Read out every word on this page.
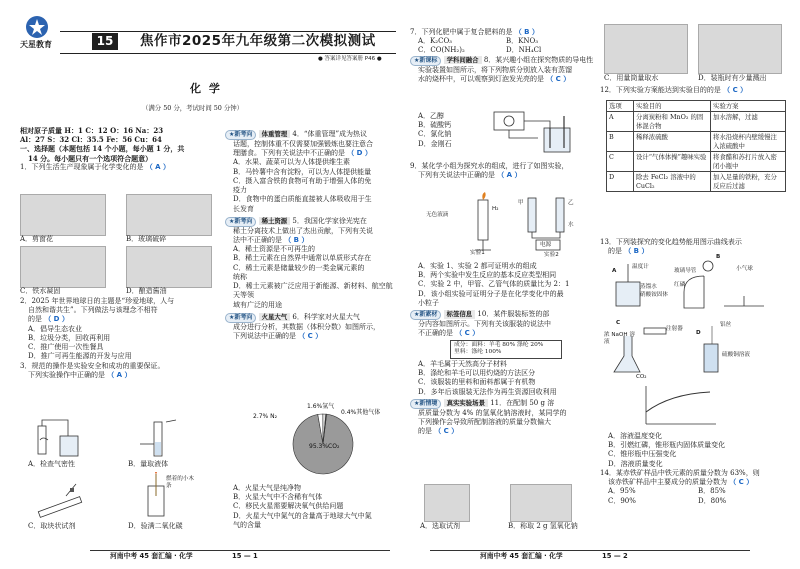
天星教育	15	焦作市2025年九年级第二次模拟测试
● 答案详见答案册 P46 ●
化 学
（满分 50 分，考试时间 50 分钟）

相对原子质量 H：1 C：12 O：16 Na：23

Al：27 S：32 Cl：35.5 Fe：56 Cu：64

一、选择题（本题包括 14 个小题，每小题 1 分，共

14 分。每小题只有一个选项符合题意）

1．下列生活生产现象属于化学变化的是 （ A ）

A．剪窗花	B．玻璃破碎
C．铁水凝固	D．酿造酱油

2．2025 年世界地球日的主题是“珍爱地球，人与

自然和谐共生”。下列做法与该理念不相符

的是 （ D ）

A．倡导生态农业

B．垃圾分类，回收再利用

C．推广使用一次性餐具

D．推广可再生能源的开发与应用

3．规范的操作是实验安全和成功的重要保证。

下列实验操作中正确的是 （ A ）

A．检查气密性	B．量取液体
燃着的小木条
C．取块状试剂	D．验满二氧化碳

★新考向 体重管理 4．“体重管理”成为热议

话题，控制体重不仅需要加强锻炼也要注意合

理膳食。下列有关说法中不正确的是 （ D ）

A．水果、蔬菜可以为人体提供维生素

B．马铃薯中含有淀粉，可以为人体提供能量

C．摄入富含铁的食物可有助于增强人体的免

疫力

D．食物中的蛋白质能直接被人体吸收用于生

长发育

★新考向 稀土资源 5．我国化学家徐光宪在

稀土分离技术上做出了杰出贡献，下列有关说

法中不正确的是 （ B ）

A．稀土资源是不可再生的

B．稀土元素在自然界中通常以单质形式存在

C．稀土元素是储量较少的一类金属元素的

统称

D．稀土元素被广泛应用于新能源、新材料、航空航天等领

域有广泛的用途

★新考向 火星大气 6．科学家对火星大气

成分进行分析，其数据（体积分数）如图所示，

下列说法中正确的是 （ C ）

95.3%CO₂
2.7% N₂
1.6%氩气
0.4%其他气体

A．火星大气是纯净物

B．火星大气中不含稀有气体

C．移民火星需要解决氧气供给问题

D．火星大气中氮气的含量高于地球大气中氮

气的含量

7．下列化肥中属于复合肥料的是 （ B ）

A．K₂CO₃	B．KNO₃
C．CO(NH₂)₂	D．NH₄Cl

★新课标 学科间融合 8．某兴趣小组在探究物质的导电性

实验装置如图所示，将下列物质分别放入装有蒸馏

水的烧杯中，可以观察到灯泡发光亮的是 （ C ）

A．乙醇

B．硫酸钙

C．氯化钠

D．金刚石

9．某化学小组为探究水的组成，进行了如图实验，

下列有关说法中正确的是 （ A ）

无色液滴
H₂
实验1
甲	乙
水
电源
实验2

A．实验 1、实验 2 都可证明水的组成

B．两个实验中发生反应的基本反应类型相同

C．实验 2 中，甲管、乙管气体的质量比为 2：1

D．该小组实验可证明分子是在化学变化中的最

小粒子

★新素材 标签信息 10．某件服装标签的部

分内容如图所示。下列有关该服装的说法中

不正确的是 （ C ）

成分：面料：羊毛 80% 涤纶 20%
里料：涤纶 100%

A．羊毛属于天然高分子材料

B．涤纶和羊毛可以用灼烧的方法区分

C．该服装的里料和面料都属于有机物

D．多年后该服装无法作为再生资源回收利用

★新情境 真实实验场景 11．在配制 50 g 溶

质质量分数为 4% 的氢氧化钠溶液时，某同学的

下列操作会导致所配制溶液的质量分数偏大

的是 （ C ）

A．选取试剂	B．称取 2 g 氢氧化钠
C．用量筒量取水	D．装瓶时有少量溅出

12．下列实验方案能达到实验目的的是 （ C ）

选项	实验目的	实验方案
A	分离炭粉和 MnO₂ 的固体混合物	加水溶解，过滤
B	稀释浓硫酸	将水沿烧杯内壁缓慢注入浓硫酸中
C	设计“气体体操”趣味实验	将食醋和苏打片放入密闭小瓶中
D	除去 FeCl₂ 溶液中的 CuCl₂	加入足量的铁粉，充分反应后过滤

13．下列装探究的变化趋势能用图示曲线表示

的是 （ B ）

温度计
A
蒸馏水
硝酸铵固体
玻璃导管
红磷
B
小气球
C
浓 NaOH 溶液
注射器
CO₂
铝丝
D
硫酸铜溶液

A．溶液温度变化

B．引燃红磷，锥形瓶内固体质量变化

C．锥形瓶中压强变化

D．溶液质量变化

14．某赤铁矿样品中铁元素的质量分数为 63%，则

该赤铁矿样品中主要成分的质量分数为 （ C ）

A．95%	B．85%
C．90%	D．80%
河南中考 45 套汇编 · 化学	15 — 1	河南中考 45 套汇编 · 化学	15 — 2
